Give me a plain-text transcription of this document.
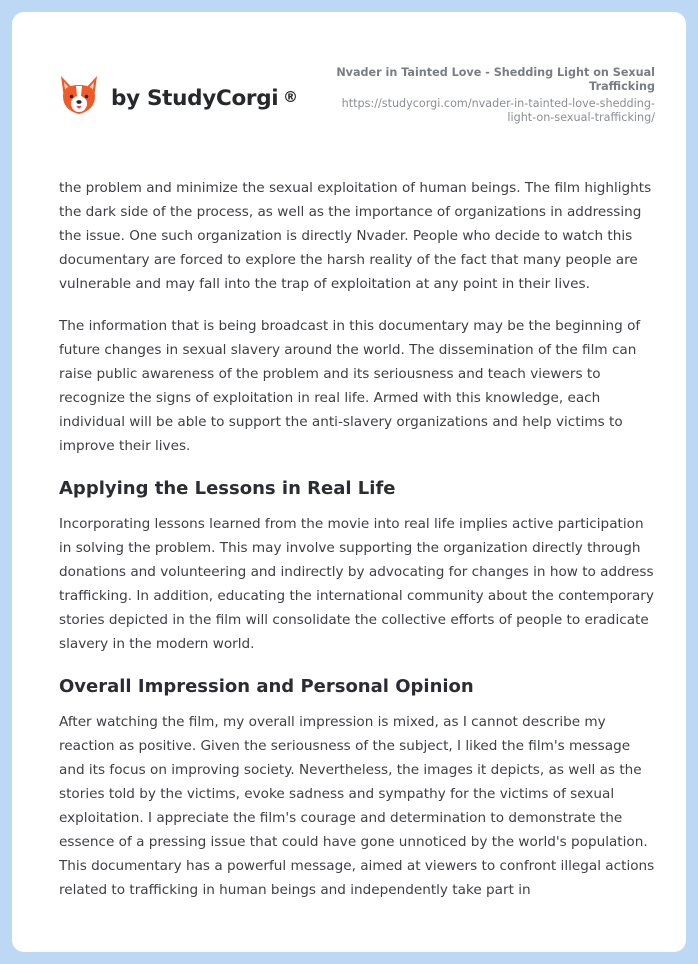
by StudyCorgi ®
Nvader in Tainted Love - Shedding Light on Sexual Trafficking
https://studycorgi.com/nvader-in-tainted-love-shedding-light-on-sexual-trafficking/

the problem and minimize the sexual exploitation of human beings. The film highlights the dark side of the process, as well as the importance of organizations in addressing the issue. One such organization is directly Nvader. People who decide to watch this documentary are forced to explore the harsh reality of the fact that many people are vulnerable and may fall into the trap of exploitation at any point in their lives.

The information that is being broadcast in this documentary may be the beginning of future changes in sexual slavery around the world. The dissemination of the film can raise public awareness of the problem and its seriousness and teach viewers to recognize the signs of exploitation in real life. Armed with this knowledge, each individual will be able to support the anti-slavery organizations and help victims to improve their lives.

Applying the Lessons in Real Life

Incorporating lessons learned from the movie into real life implies active participation in solving the problem. This may involve supporting the organization directly through donations and volunteering and indirectly by advocating for changes in how to address trafficking. In addition, educating the international community about the contemporary stories depicted in the film will consolidate the collective efforts of people to eradicate slavery in the modern world.

Overall Impression and Personal Opinion

After watching the film, my overall impression is mixed, as I cannot describe my reaction as positive. Given the seriousness of the subject, I liked the film's message and its focus on improving society. Nevertheless, the images it depicts, as well as the stories told by the victims, evoke sadness and sympathy for the victims of sexual exploitation. I appreciate the film's courage and determination to demonstrate the essence of a pressing issue that could have gone unnoticed by the world's population. This documentary has a powerful message, aimed at viewers to confront illegal actions related to trafficking in human beings and independently take part in
